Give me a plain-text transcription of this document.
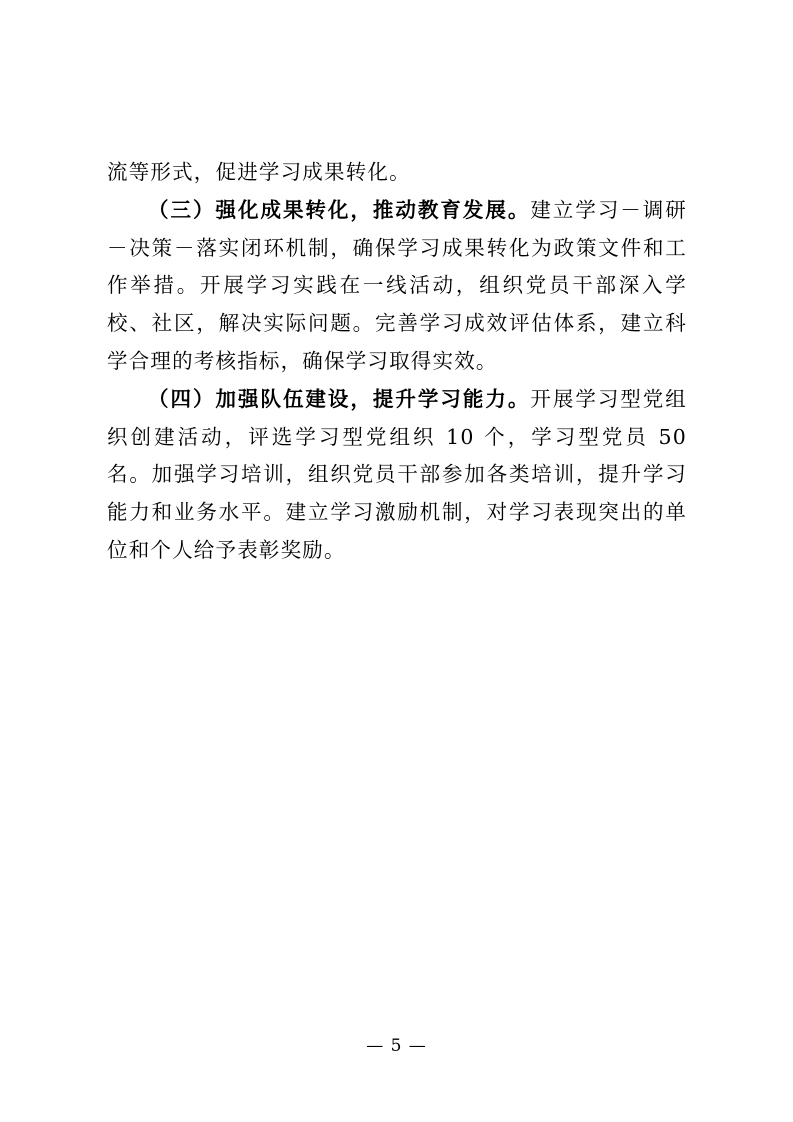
流等形式，促进学习成果转化。

（三）强化成果转化，推动教育发展。建立学习－调研－决策－落实闭环机制，确保学习成果转化为政策文件和工作举措。开展学习实践在一线活动，组织党员干部深入学校、社区，解决实际问题。完善学习成效评估体系，建立科学合理的考核指标，确保学习取得实效。

（四）加强队伍建设，提升学习能力。开展学习型党组织创建活动，评选学习型党组织 10 个，学习型党员 50 名。加强学习培训，组织党员干部参加各类培训，提升学习能力和业务水平。建立学习激励机制，对学习表现突出的单位和个人给予表彰奖励。

— 5 —
